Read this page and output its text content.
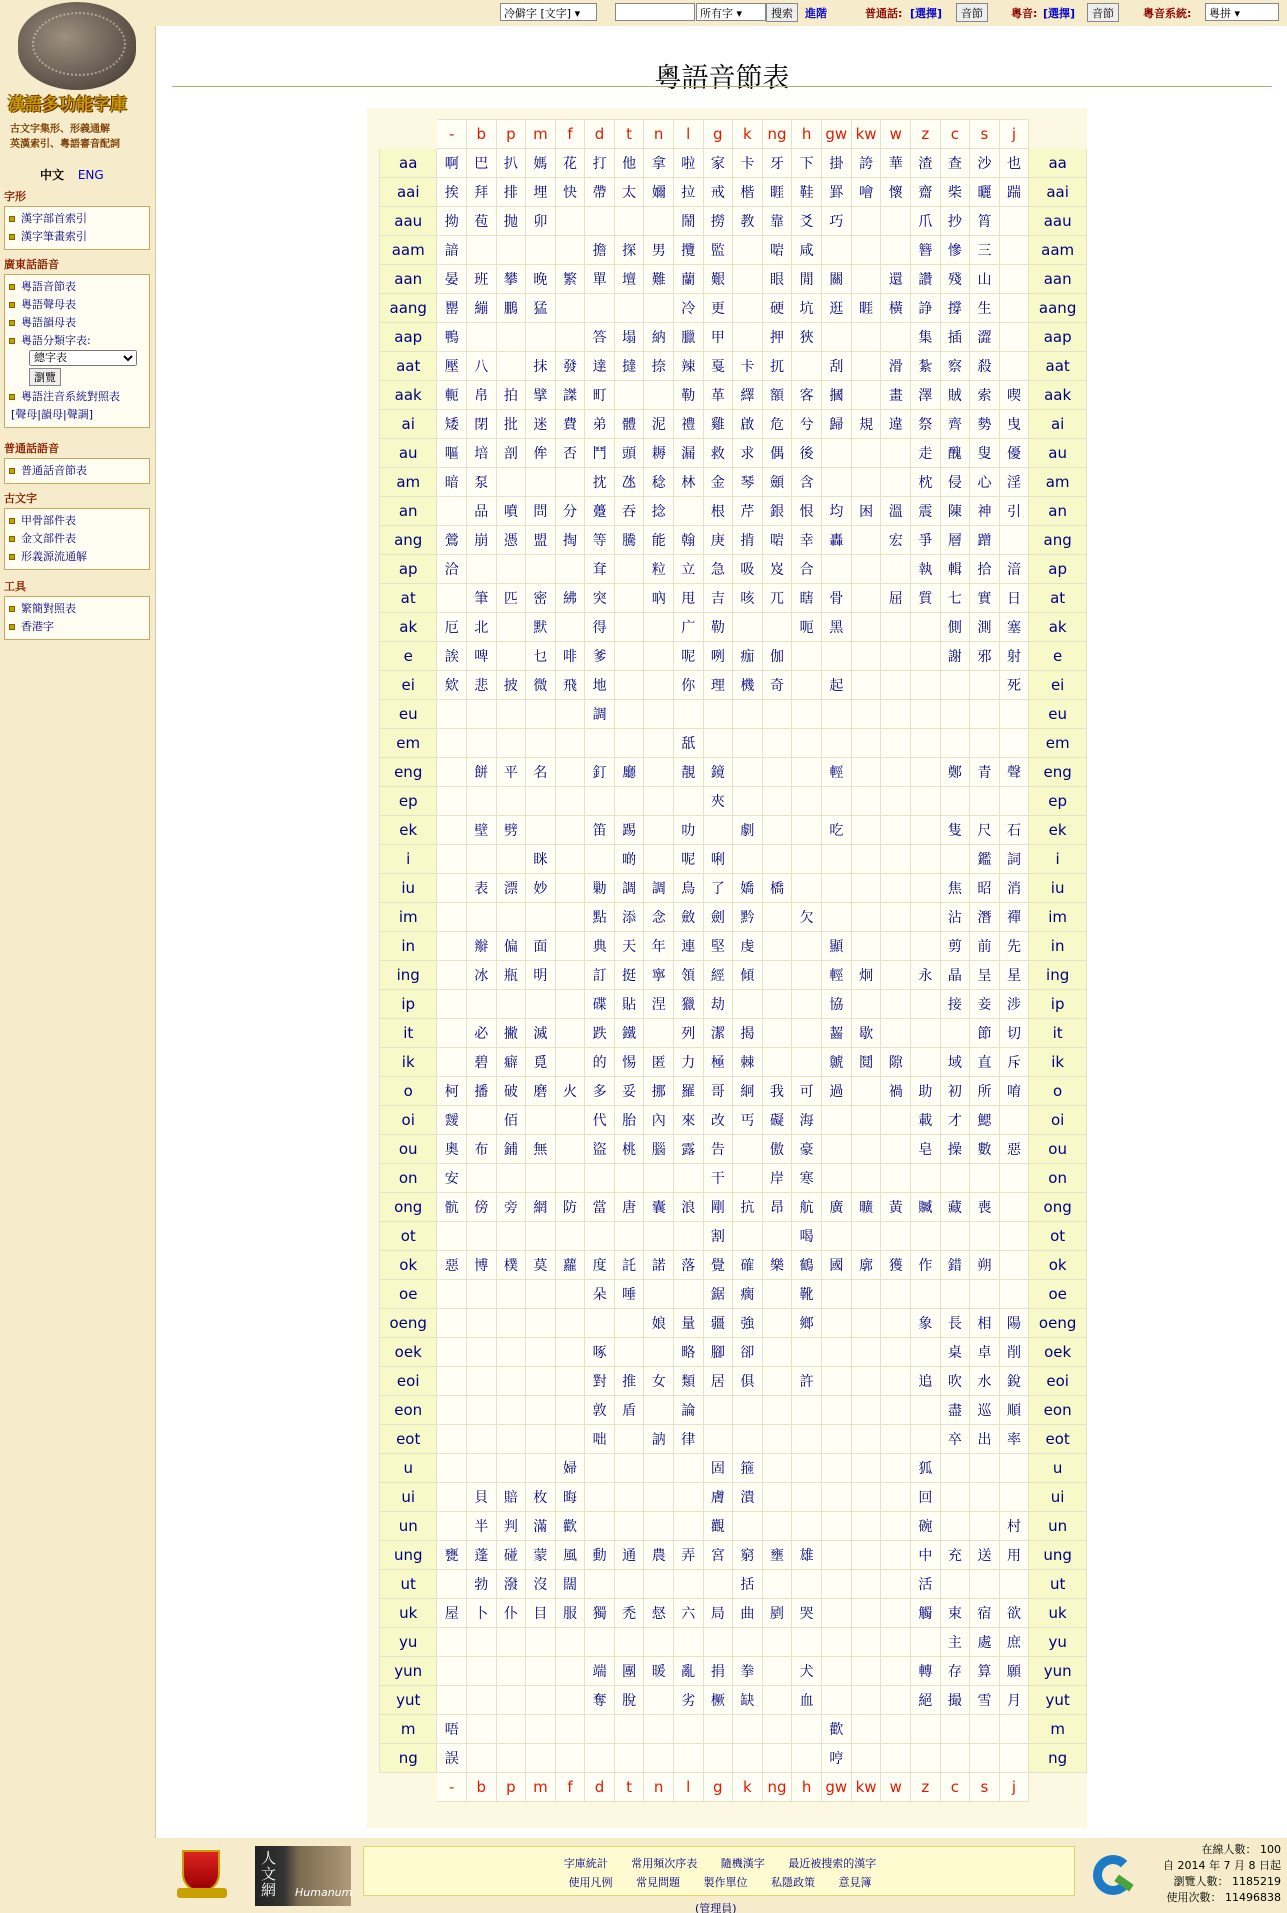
漢語多功能字庫
古文字集形、形義通解
英漢索引、粵語審音配詞
中文 ENG
字形
漢字部首索引
漢字筆畫索引
廣東話語音
粵語音節表
粵語聲母表
粵語韻母表
粵語分類字表:
總字表
瀏覽
粵語注音系統對照表
[聲母|韻母|聲調]
普通話語音
普通話音節表
古文字
甲骨部件表
金文部件表
形義源流通解
工具
繁簡對照表
香港字
冷僻字 [文字] ▾	所有字 ▾	搜索	進階	普通話: [選擇]	音節	粵音: [選擇]	音節	粵音系統:	粵拼 ▾
粵語音節表
	-	b	p	m	f	d	t	n	l	g	k	ng	h	gw	kw	w	z	c	s	j	
aa	啊	巴	扒	媽	花	打	他	拿	啦	家	卡	牙	下	掛	誇	華	渣	查	沙	也	aa
aai	挨	拜	排	埋	快	帶	太	嬭	拉	戒	楷	睚	鞋	罫	噲	懷	齋	柴	曬	踹	aai
aau	拗	苞	抛	卯					鬧	撈	教	靠	爻	巧			爪	抄	筲		aau
aam	諳					擔	探	男	攬	監		啱	咸				簪	慘	三		aam
aan	晏	班	攀	晚	繁	單	壇	難	蘭	艱		眼	閒	關		還	讚	殘	山		aan
aang	罌	繃	鵬	猛					冷	更		硬	坑	逛	睚	橫	諍	撐	生		aang
aap	鴨					答	塌	納	臘	甲		押	狹				集	插	澀		aap
aat	壓	八		抹	發	達	撻	捺	辣	戛	卡	扤		刮		滑	紮	察	殺		aat
aak	軛	帛	拍	擘	謋	町			勒	革	繹	額	客	摑		畫	澤	賊	索	喫	aak
ai	矮	閉	批	迷	費	弟	體	泥	禮	雞	啟	危	兮	歸	規	違	祭	齊	勢	曳	ai
au	嘔	培	剖	侔	否	鬥	頭	耨	漏	救	求	偶	後				走	醜	叟	優	au
am	暗	泵				抌	氹	稔	林	金	琴	顩	含				枕	侵	心	淫	am
an		品	噴	問	分	躉	吞	捻		根	芹	銀	恨	均	困	溫	震	陳	神	引	an
ang	鶯	崩	憑	盟	掏	等	騰	能	翰	庚	掯	啱	幸	轟		宏	爭	層	蹭		ang
ap	洽					耷		粒	立	急	吸	岌	合				執	輯	拾	湆	ap
at		筆	匹	密	紼	突		吶	甩	吉	咳	兀	瞎	骨		屈	質	七	實	日	at
ak	厄	北		默		得			广	勒			呃	黑				側	測	塞	ak
e	誒	啤		乜	啡	爹			呢	咧	痂	伽						謝	邪	射	e
ei	欸	悲	披	微	飛	地			你	理	機	奇		起						死	ei
eu						調															eu
em									舐												em
eng		餅	平	名		釘	廳		靚	鏡				輕				鄭	青	聲	eng
ep										夾											ep
ek		壁	劈			笛	踢		叻		劇			吃				隻	尺	石	ek
i				眯			啲		呢	唎									鑑	詞	i
iu		表	漂	妙		勦	調	調	鳥	了	嬌	橋						焦	昭	消	iu
im						點	添	念	斂	劍	黔		欠					沾	潛	禪	im
in		辮	偏	面		典	天	年	連	堅	虔			顯				剪	前	先	in
ing		冰	瓶	明		訂	挺	寧	領	經	傾			輕	炯		永	晶	呈	星	ing
ip						碟	貼	涅	獵	劫				協				接	妾	涉	ip
it		必	撇	滅		跌	鐵		列	潔	揭			齧	歇				節	切	it
ik		碧	癖	覓		的	惕	匿	力	極	棘			虩	鬩	隙		域	直	斥	ik
o	柯	播	破	磨	火	多	妥	挪	羅	哥	絅	我	可	過		禍	助	初	所	唷	o
oi	靉		佰			代	胎	內	來	改	丐	礙	海				載	才	鰓		oi
ou	奧	布	鋪	無		盜	桃	腦	露	告		傲	豪				皂	操	數	惡	ou
on	安									干		岸	寒								on
ong	骯	傍	旁	網	防	當	唐	囊	浪	剛	抗	昂	航	廣	曠	黃	贓	藏	喪		ong
ot										割			喝								ot
ok	惡	博	樸	莫	蘿	度	託	諾	落	覺	確	樂	鶴	國	廓	獲	作	錯	朔		ok
oe						朵	唾			鋸	瘸		靴								oe
oeng								娘	量	疆	強		鄉				象	長	相	陽	oeng
oek						啄			略	腳	卻							桌	卓	削	oek
eoi						對	推	女	類	居	俱		許				追	吹	水	銳	eoi
eon						敦	盾		論									盡	巡	順	eon
eot						咄		訥	律									卒	出	率	eot
u					婦					固	箍						狐				u
ui		貝	賠	枚	晦					膚	潰						回				ui
un		半	判	滿	歡					觀							碗			村	un
ung	甕	蓬	碰	蒙	風	動	通	農	弄	宮	窮	壅	雄				中	充	送	用	ung
ut		勃	潑	沒	闊						括						活				ut
uk	屋	卜	仆	目	服	獨	禿	惄	六	局	曲	剭	哭				觸	束	宿	欲	uk
yu																		主	處	庶	yu
yun						端	團	暖	亂	捐	拳		犬				轉	存	算	願	yun
yut						奪	脫		劣	橛	缺		血				絕	撮	雪	月	yut
m	唔													歡							m
ng	誤													哼							ng
	-	b	p	m	f	d	t	n	l	g	k	ng	h	gw	kw	w	z	c	s	j	
人文
網	Humanum
字庫統計 常用頻次序表 隨機漢字 最近被搜索的漢字
使用凡例 常見問題 製作單位 私隱政策 意見簿
(管理員)
在線人數： 100
自 2014 年 7 月 8 日起
瀏覽人數： 1185219
使用次數： 11496838
